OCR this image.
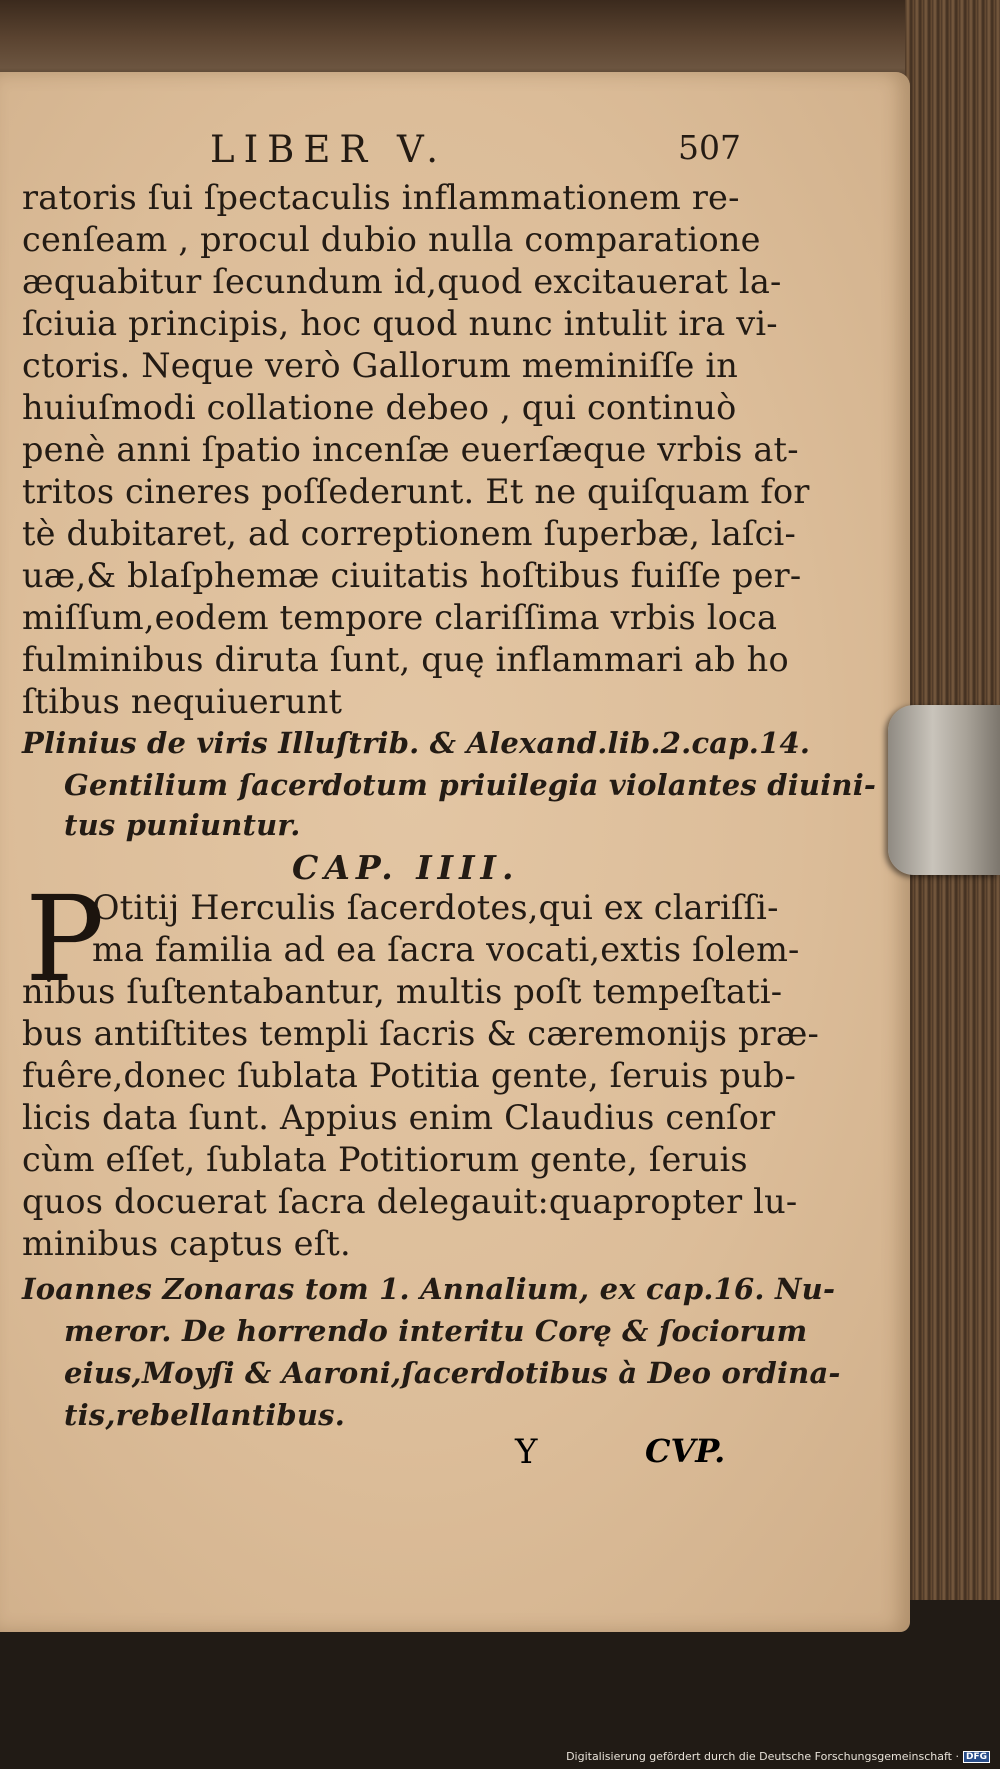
LIBER V.	507
ratoris ſui ſpectaculis inflammationem re-
cenſeam , procul dubio nulla comparatione
æquabitur ſecundum id,quod excitauerat la-
ſciuia principis, hoc quod nunc intulit ira vi-
ctoris. Neque verò Gallorum meminiſſe in
huiuſmodi collatione debeo , qui continuò
penè anni ſpatio incenſæ euerſæque vrbis at-
tritos cineres poſſederunt. Et ne quiſquam for
tè dubitaret, ad correptionem ſuperbæ, laſci-
uæ,& blaſphemæ ciuitatis hoſtibus fuiſſe per-
miſſum,eodem tempore clariſſima vrbis loca
fulminibus diruta ſunt, quę inflammari ab ho
ſtibus nequiuerunt
Plinius de viris Illuſtrib. & Alexand.lib.2.cap.14.
Gentilium ſacerdotum priuilegia violantes diuini-
tus puniuntur.
CAP. IIII.
Otitij Herculis ſacerdotes,qui ex clariſſi-
ma familia ad ea ſacra vocati,extis ſolem-
nibus ſuſtentabantur, multis poſt tempeſtati-
bus antiſtites templi ſacris & cæremonijs præ-
fuêre,donec ſublata Potitia gente, ſeruis pub-
licis data ſunt. Appius enim Claudius cenſor
cùm eſſet, ſublata Potitiorum gente, ſeruis
quos docuerat ſacra delegauit:quapropter lu-
minibus captus eſt.
Ioannes Zonaras tom 1. Annalium, ex cap.16. Nu-
meror. De horrendo interitu Corę & ſociorum
eius,Moyſi & Aaroni,ſacerdotibus à Deo ordina-
tis,rebellantibus.
P
Y	CVP.
Digitalisierung gefördert durch die Deutsche Forschungsgemeinschaft · DFG
